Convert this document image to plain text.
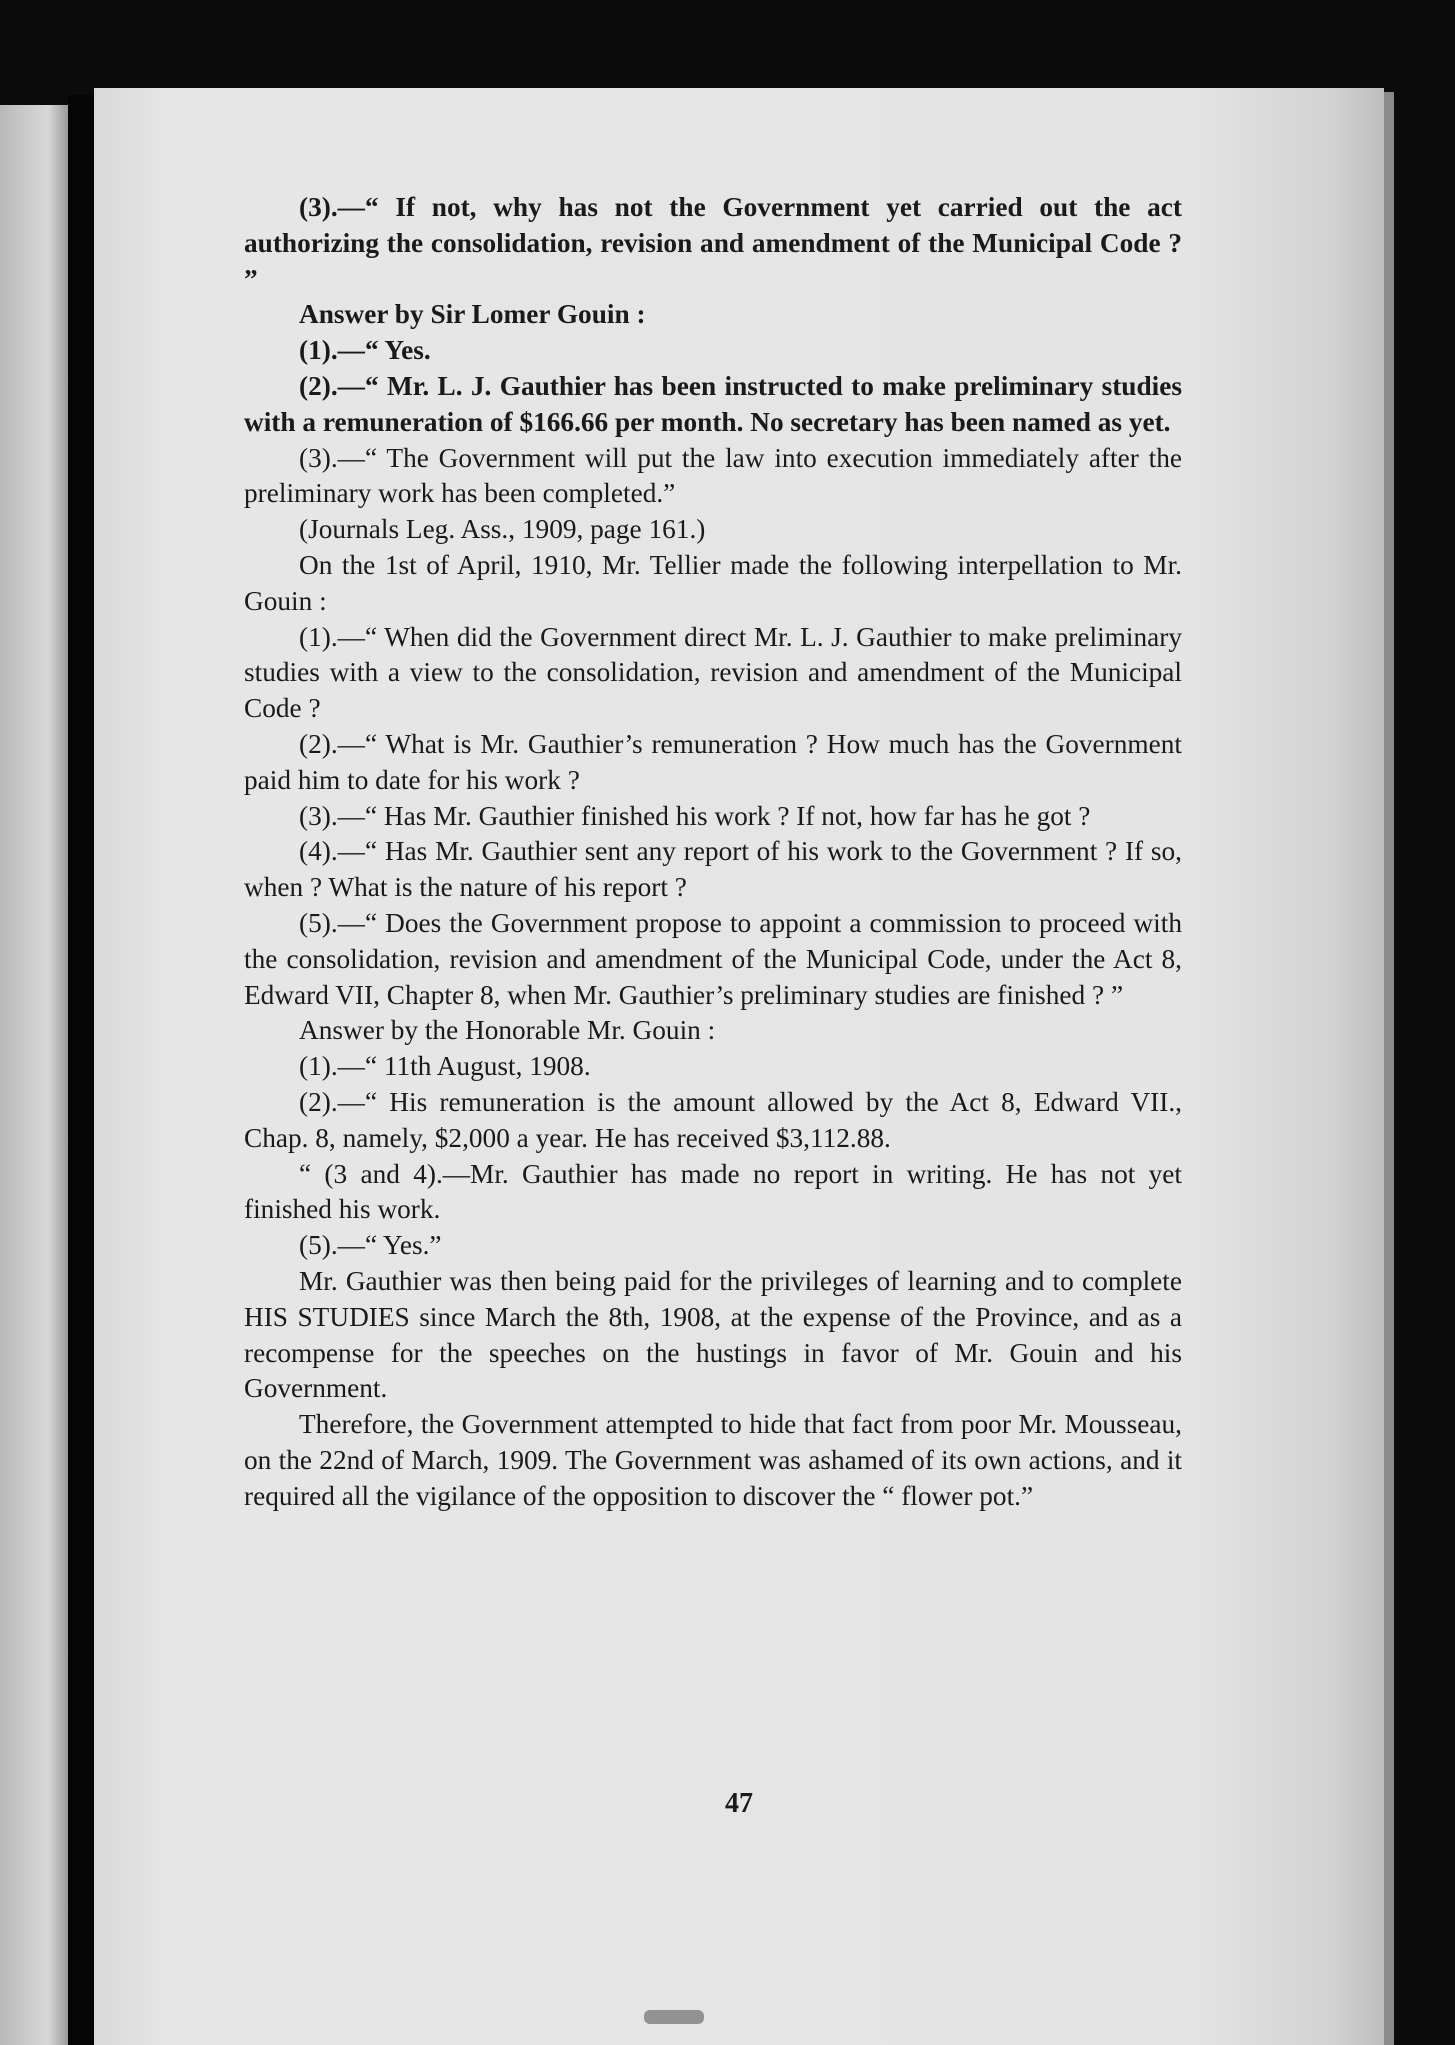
(3).—“ If not, why has not the Government yet carried out the act authorizing the consolidation, revision and amendment of the Municipal Code ? ”

Answer by Sir Lomer Gouin :

(1).—“ Yes.

(2).—“ Mr. L. J. Gauthier has been instructed to make preliminary studies with a remuneration of $166.66 per month. No secretary has been named as yet.

(3).—“ The Government will put the law into execution immediately after the preliminary work has been completed.”

(Journals Leg. Ass., 1909, page 161.)

On the 1st of April, 1910, Mr. Tellier made the following interpellation to Mr. Gouin :

(1).—“ When did the Government direct Mr. L. J. Gauthier to make preliminary studies with a view to the consolidation, revision and amendment of the Municipal Code ?

(2).—“ What is Mr. Gauthier’s remuneration ? How much has the Government paid him to date for his work ?

(3).—“ Has Mr. Gauthier finished his work ? If not, how far has he got ?

(4).—“ Has Mr. Gauthier sent any report of his work to the Government ? If so, when ? What is the nature of his report ?

(5).—“ Does the Government propose to appoint a commission to proceed with the consolidation, revision and amendment of the Municipal Code, under the Act 8, Edward VII, Chapter 8, when Mr. Gauthier’s preliminary studies are finished ? ”

Answer by the Honorable Mr. Gouin :

(1).—“ 11th August, 1908.

(2).—“ His remuneration is the amount allowed by the Act 8, Edward VII., Chap. 8, namely, $2,000 a year. He has received $3,112.88.

“ (3 and 4).—Mr. Gauthier has made no report in writing. He has not yet finished his work.

(5).—“ Yes.”

Mr. Gauthier was then being paid for the privileges of learning and to complete HIS STUDIES since March the 8th, 1908, at the expense of the Province, and as a recompense for the speeches on the hustings in favor of Mr. Gouin and his Government.

Therefore, the Government attempted to hide that fact from poor Mr. Mousseau, on the 22nd of March, 1909. The Government was ashamed of its own actions, and it required all the vigilance of the opposition to discover the “ flower pot.”

47
